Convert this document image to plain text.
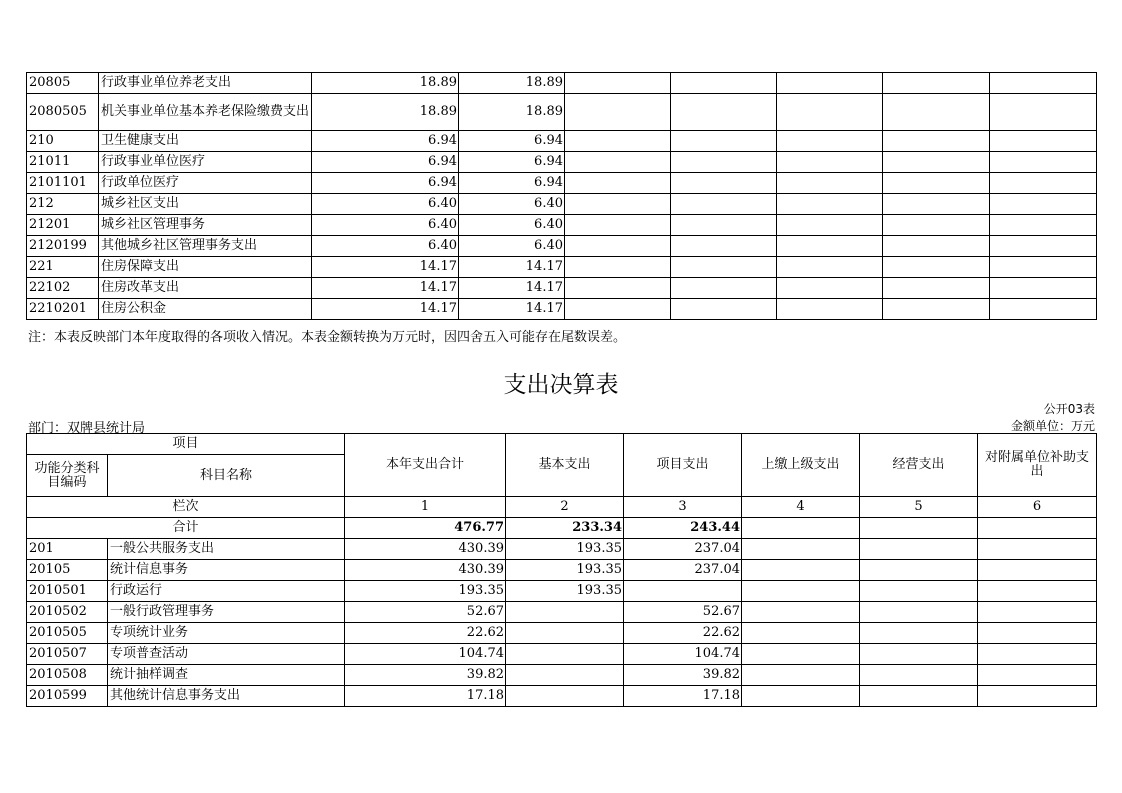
20805	行政事业单位养老支出	18.89	18.89					
2080505	机关事业单位基本养老保险缴费支出	18.89	18.89					
210	卫生健康支出	6.94	6.94					
21011	行政事业单位医疗	6.94	6.94					
2101101	行政单位医疗	6.94	6.94					
212	城乡社区支出	6.40	6.40					
21201	城乡社区管理事务	6.40	6.40					
2120199	其他城乡社区管理事务支出	6.40	6.40					
221	住房保障支出	14.17	14.17					
22102	住房改革支出	14.17	14.17					
2210201	住房公积金	14.17	14.17					
注：本表反映部门本年度取得的各项收入情况。本表金额转换为万元时，因四舍五入可能存在尾数误差。
支出决算表
公开03表
部门：双牌县统计局	金额单位：万元
项目		本年支出合计	基本支出	项目支出	上缴上级支出	经营支出	对附属单位补助支出
功能分类科目编码	科目名称						
栏次		1	2	3	4	5	6
合计		476.77	233.34	243.44			
201	一般公共服务支出	430.39	193.35	237.04			
20105	统计信息事务	430.39	193.35	237.04			
2010501	行政运行	193.35	193.35				
2010502	一般行政管理事务	52.67		52.67			
2010505	专项统计业务	22.62		22.62			
2010507	专项普查活动	104.74		104.74			
2010508	统计抽样调查	39.82		39.82			
2010599	其他统计信息事务支出	17.18		17.18			
